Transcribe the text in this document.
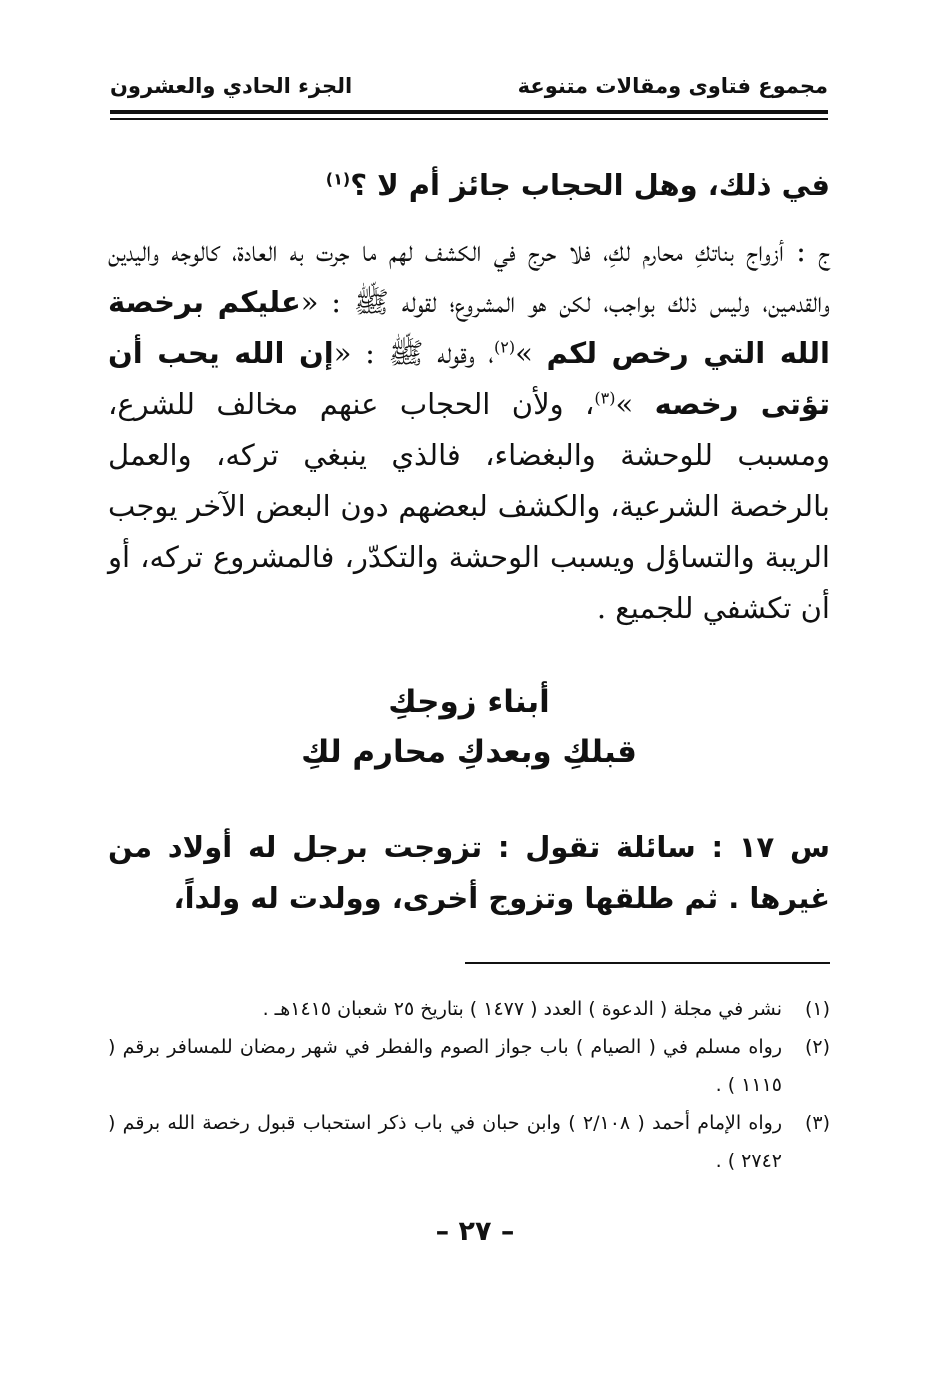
مجموع فتاوى ومقالات متنوعة
الجزء الحادي والعشرون
في ذلك، وهل الحجاب جائز أم لا ؟$^{(١)}$
ج : أزواج بناتكِ محارم لكِ، فلا حرج في الكشف لهم ما جرت به العادة، كالوجه واليدين والقدمين، وليس ذلك بواجب، لكن هو المشروع؛ لقوله ﷺ : «عليكم برخصة الله التي رخص لكم »$^{(٢)}$، وقوله ﷺ : «إن الله يحب أن تؤتى رخصه »$^{(٣)}$، ولأن الحجاب عنهم مخالف للشرع، ومسبب للوحشة والبغضاء، فالذي ينبغي تركه، والعمل بالرخصة الشرعية، والكشف لبعضهم دون البعض الآخر يوجب الريبة والتساؤل ويسبب الوحشة والتكدّر، فالمشروع تركه، أو أن تكشفي للجميع .
أبناء زوجكِ
قبلكِ وبعدكِ محارم لكِ
س ١٧ : سائلة تقول : تزوجت برجل له أولاد من غيرها . ثم طلقها وتزوج أخرى، وولدت له ولداً،
(١)
نشر في مجلة ( الدعوة ) العدد ( ١٤٧٧ ) بتاريخ ٢٥ شعبان ١٤١٥هـ .
(٢)
رواه مسلم في ( الصيام ) باب جواز الصوم والفطر في شهر رمضان للمسافر برقم ( ١١١٥ ) .
(٣)
رواه الإمام أحمد ( ٢/١٠٨ ) وابن حبان في باب ذكر استحباب قبول رخصة الله برقم ( ٢٧٤٢ ) .
– ٢٧ –
